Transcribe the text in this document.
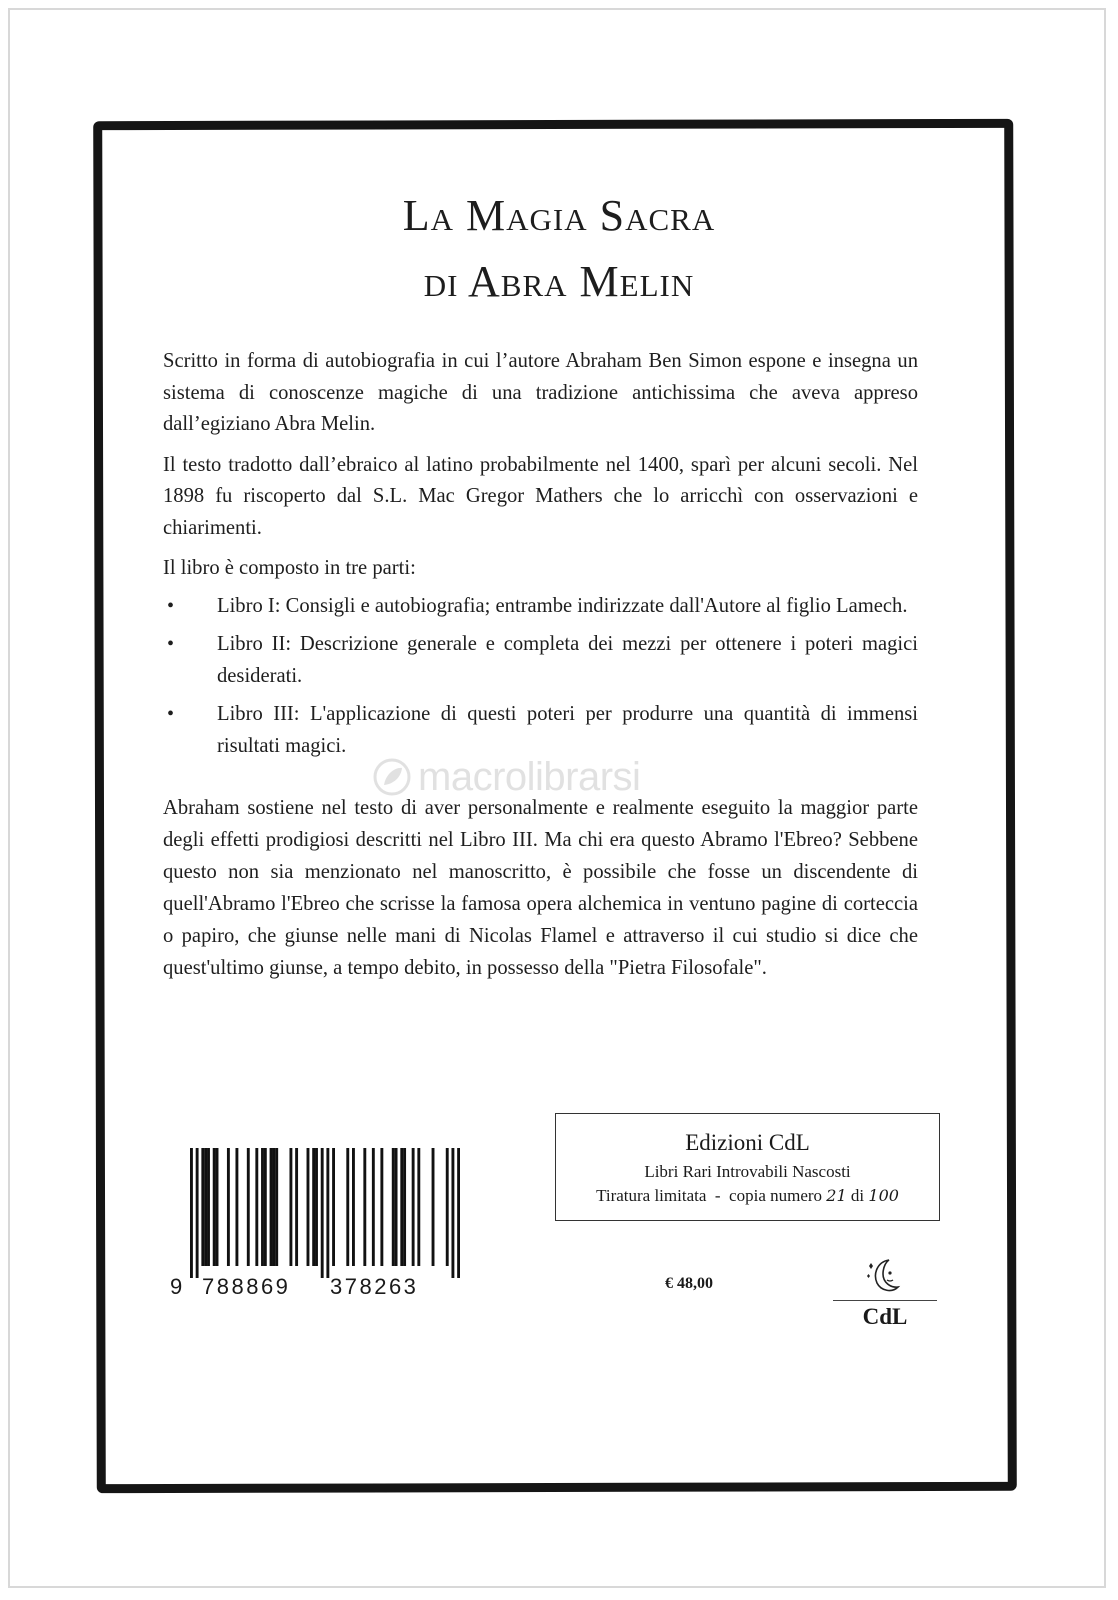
La Magia Sacra
di Abra Melin

Scritto in forma di autobiografia in cui l’autore Abraham Ben Simon espone e insegna un sistema di conoscenze magiche di una tradizione antichissima che aveva appreso dall’egiziano Abra Melin.

Il testo tradotto dall’ebraico al latino probabilmente nel 1400, sparì per alcuni secoli. Nel 1898 fu riscoperto dal S.L. Mac Gregor Mathers che lo arricchì con osservazioni e chiarimenti.

Il libro è composto in tre parti:

• Libro I: Consigli e autobiografia; entrambe indirizzate dall'Autore al figlio Lamech.
• Libro II: Descrizione generale e completa dei mezzi per ottenere i poteri magici desiderati.
• Libro III: L'applicazione di questi poteri per produrre una quantità di immensi risultati magici.
macrolibrarsi

Abraham sostiene nel testo di aver personalmente e realmente eseguito la maggior parte degli effetti prodigiosi descritti nel Libro III. Ma chi era questo Abramo l'Ebreo? Sebbene questo non sia menzionato nel manoscritto, è possibile che fosse un discendente di quell'Abramo l'Ebreo che scrisse la famosa opera alchemica in ventuno pagine di corteccia o papiro, che giunse nelle mani di Nicolas Flamel e attraverso il cui studio si dice che quest'ultimo giunse, a tempo debito, in possesso della "Pietra Filosofale".

Edizioni CdL
Libri Rari Introvabili Nascosti
Tiratura limitata  -  copia numero 21 di 100
9 788869 378263	€ 48,00
CdL
